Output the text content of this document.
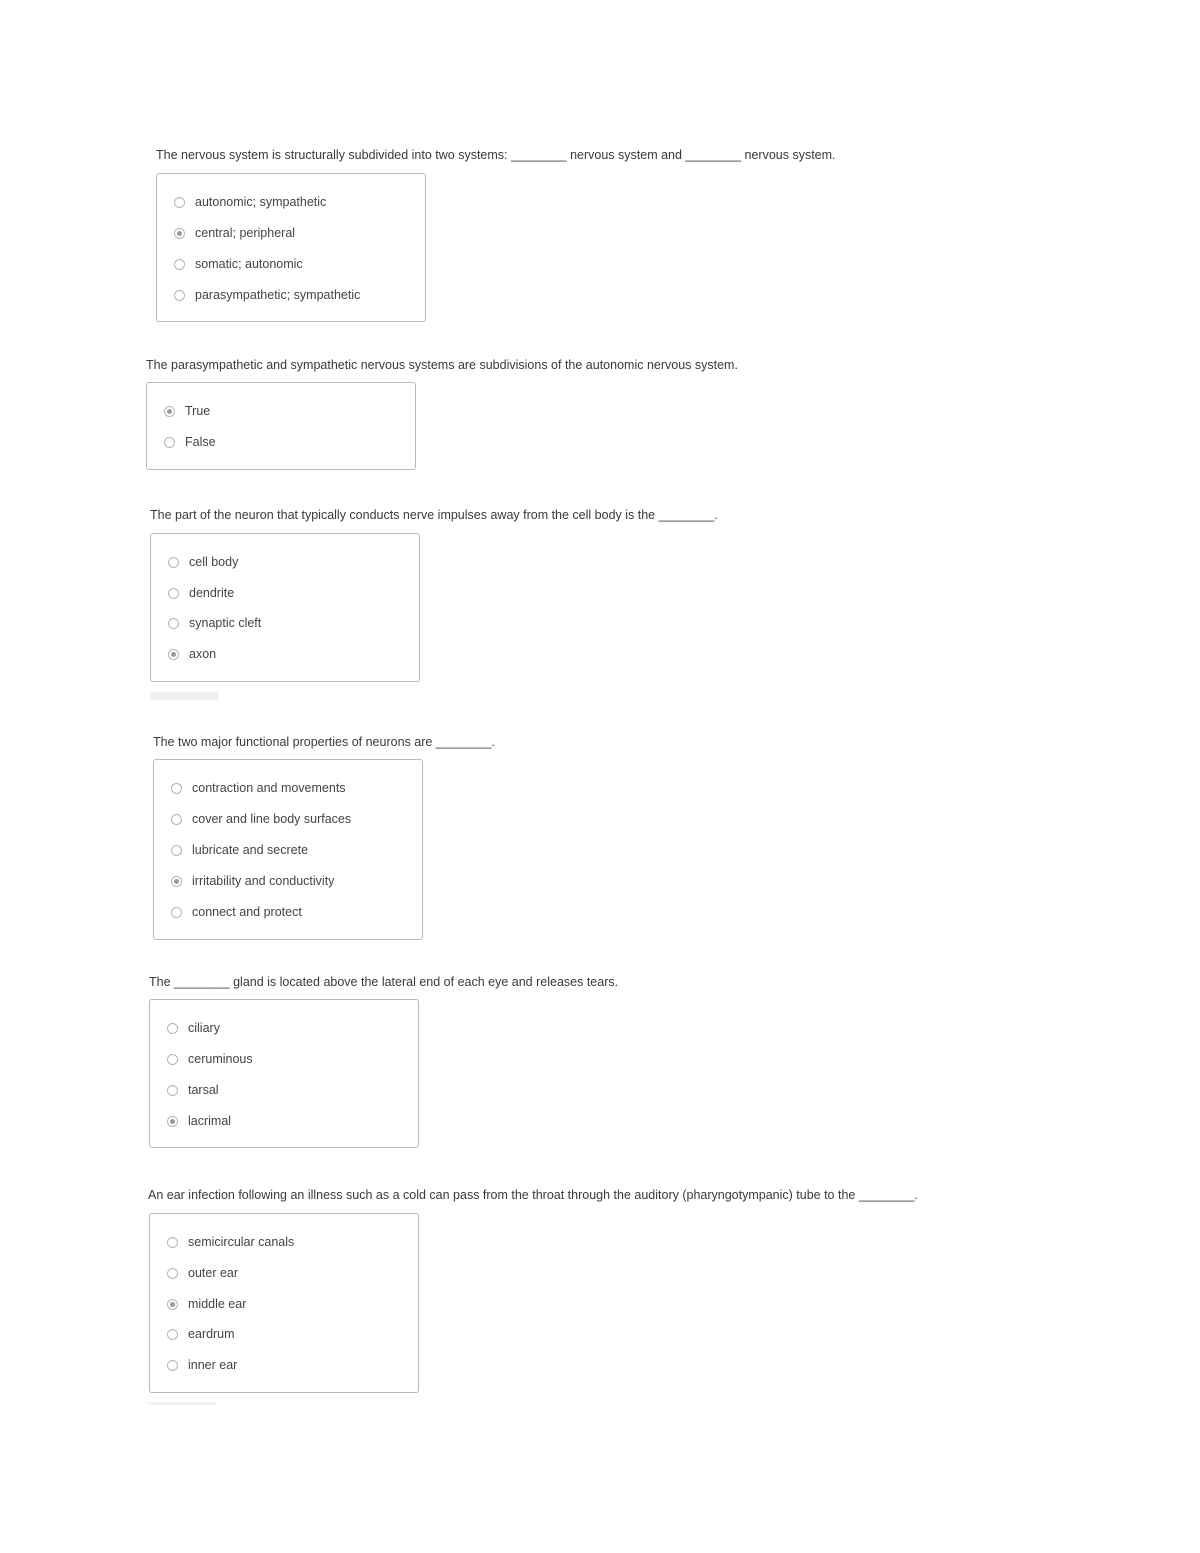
The nervous system is structurally subdivided into two systems: ________ nervous system and ________ nervous system.

autonomic; sympathetic
central; peripheral
somatic; autonomic
parasympathetic; sympathetic

The parasympathetic and sympathetic nervous systems are subdivisions of the autonomic nervous system.

True
False

The part of the neuron that typically conducts nerve impulses away from the cell body is the ________.

cell body
dendrite
synaptic cleft
axon

The two major functional properties of neurons are ________.

contraction and movements
cover and line body surfaces
lubricate and secrete
irritability and conductivity
connect and protect

The ________ gland is located above the lateral end of each eye and releases tears.

ciliary
ceruminous
tarsal
lacrimal

An ear infection following an illness such as a cold can pass from the throat through the auditory (pharyngotympanic) tube to the ________.

semicircular canals
outer ear
middle ear
eardrum
inner ear
